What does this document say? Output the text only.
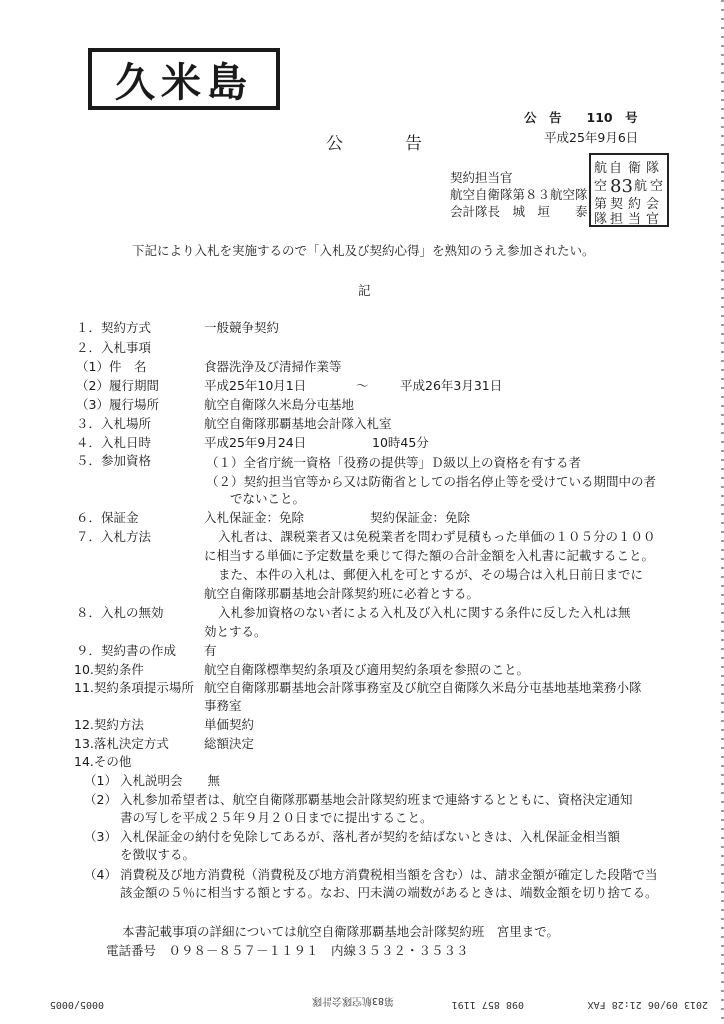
久米島
公　告　　110　号
公告	平成25年9月6日
契約担当官
航空自衛隊第８３航空隊
会計隊長　城　垣　　泰
航 自 衛 隊
空 83 航 空
第 契 約 会
隊 担 当 官
下記により入札を実施するので「入札及び契約心得」を熟知のうえ参加されたい。
記
１．契約方式	一般競争契約
２．入札事項
（1）件　名	食器洗浄及び清掃作業等
（2）履行期間	平成25年10月1日	～	平成26年3月31日
（3）履行場所	航空自衛隊久米島分屯基地
３．入札場所	航空自衛隊那覇基地会計隊入札室
４．入札日時	平成25年9月24日	10時45分
５．参加資格	（１）全省庁統一資格「役務の提供等」Ｄ級以上の資格を有する者
（２）契約担当官等から又は防衛省としての指名停止等を受けている期間中の者
でないこと。
６．保証金	入札保証金：免除	契約保証金：免除
７．入札方法	入札者は、課税業者又は免税業者を問わず見積もった単価の１０５分の１００
に相当する単価に予定数量を乗じて得た額の合計金額を入札書に記載すること。
また、本件の入札は、郵便入札を可とするが、その場合は入札日前日までに
航空自衛隊那覇基地会計隊契約班に必着とする。
８．入札の無効	入札参加資格のない者による入札及び入札に関する条件に反した入札は無
効とする。
９．契約書の作成 有
10.契約条件	航空自衛隊標準契約条項及び適用契約条項を参照のこと。
11.契約条項提示場所 航空自衛隊那覇基地会計隊事務室及び航空自衛隊久米島分屯基地基地業務小隊
事務室
12.契約方法	単価契約
13.落札決定方式	総額決定
14.その他
（1） 入札説明会　　無
（2） 入札参加希望者は、航空自衛隊那覇基地会計隊契約班まで連絡するとともに、資格決定通知
書の写しを平成２５年９月２０日までに提出すること。
（3） 入札保証金の納付を免除してあるが、落札者が契約を結ばないときは、入札保証金相当額
を徴収する。
（4） 消費税及び地方消費税（消費税及び地方消費税相当額を含む）は、請求金額が確定した段階で当
該金額の５％に相当する額とする。なお、円未満の端数があるときは、端数金額を切り捨てる。
本書記載事項の詳細については航空自衛隊那覇基地会計隊契約班　宮里まで。
電話番号　０９８－８５７－１１９１　内線３５３２・３５３３
2013 09/06 21:28 FAX
098 857 1191
第83航空隊会計隊
0005/0005
